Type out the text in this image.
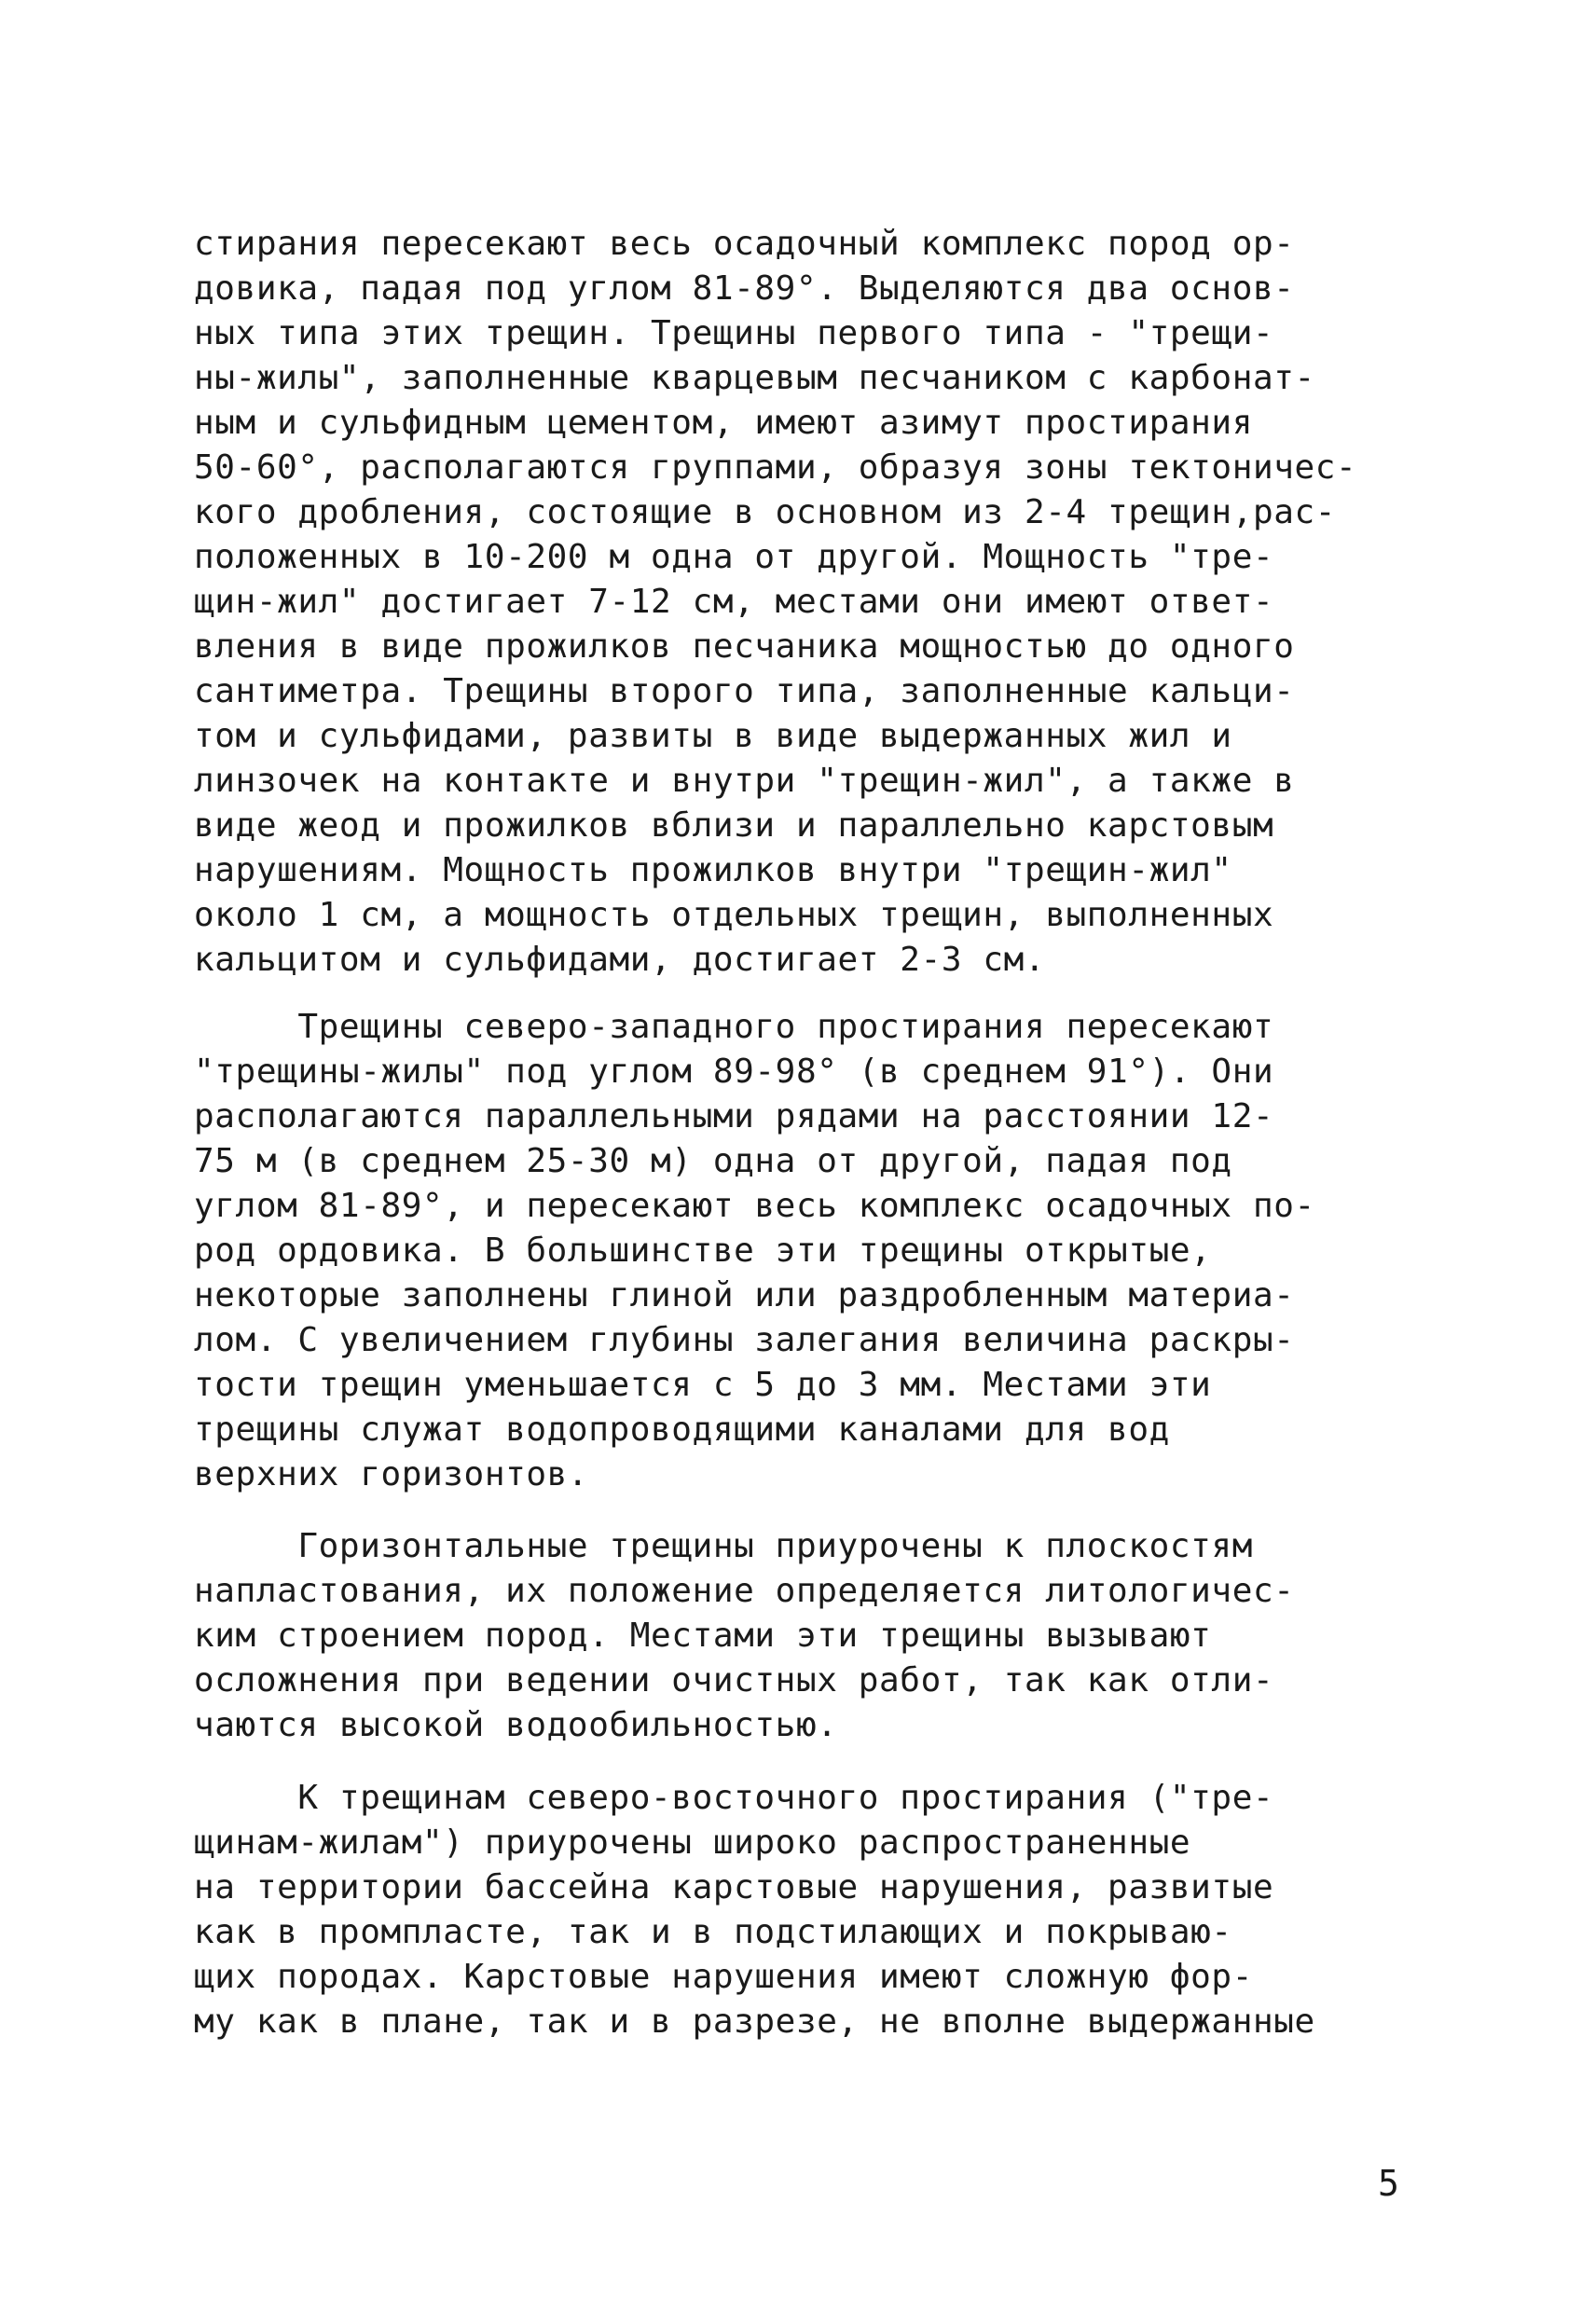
стирания пересекают весь осадочный комплекс пород ор-
довика, падая под углом 81-89°. Выделяются два основ-
ных типа этих трещин. Трещины первого типа - "трещи-
ны-жилы", заполненные кварцевым песчаником с карбонат-
ным и сульфидным цементом, имеют азимут простирания
50-60°, располагаются группами, образуя зоны тектоничес-
кого дробления, состоящие в основном из 2-4 трещин,рас-
положенных в 10-200 м одна от другой. Мощность "тре-
щин-жил" достигает 7-12 см, местами они имеют ответ-
вления в виде прожилков песчаника мощностью до одного
сантиметра. Трещины второго типа, заполненные кальци-
том и сульфидами, развиты в виде выдержанных жил и
линзочек на контакте и внутри "трещин-жил", а также в
виде жеод и прожилков вблизи и параллельно карстовым
нарушениям. Мощность прожилков внутри "трещин-жил"
около 1 см, а мощность отдельных трещин, выполненных
кальцитом и сульфидами, достигает 2-3 см.
Трещины северо-западного простирания пересекают
"трещины-жилы" под углом 89-98° (в среднем 91°). Они
располагаются параллельными рядами на расстоянии 12-
75 м (в среднем 25-30 м) одна от другой, падая под
углом 81-89°, и пересекают весь комплекс осадочных по-
род ордовика. В большинстве эти трещины открытые,
некоторые заполнены глиной или раздробленным материа-
лом. С увеличением глубины залегания величина раскры-
тости трещин уменьшается с 5 до 3 мм. Местами эти
трещины служат водопроводящими каналами для вод
верхних горизонтов.
Горизонтальные трещины приурочены к плоскостям
напластования, их положение определяется литологичес-
ким строением пород. Местами эти трещины вызывают
осложнения при ведении очистных работ, так как отли-
чаются высокой водообильностью.
К трещинам северо-восточного простирания ("тре-
щинам-жилам") приурочены широко распространенные
на территории бассейна карстовые нарушения, развитые
как в промпласте, так и в подстилающих и покрываю-
щих породах. Карстовые нарушения имеют сложную фор-
му как в плане, так и в разрезе, не вполне выдержанные
5
